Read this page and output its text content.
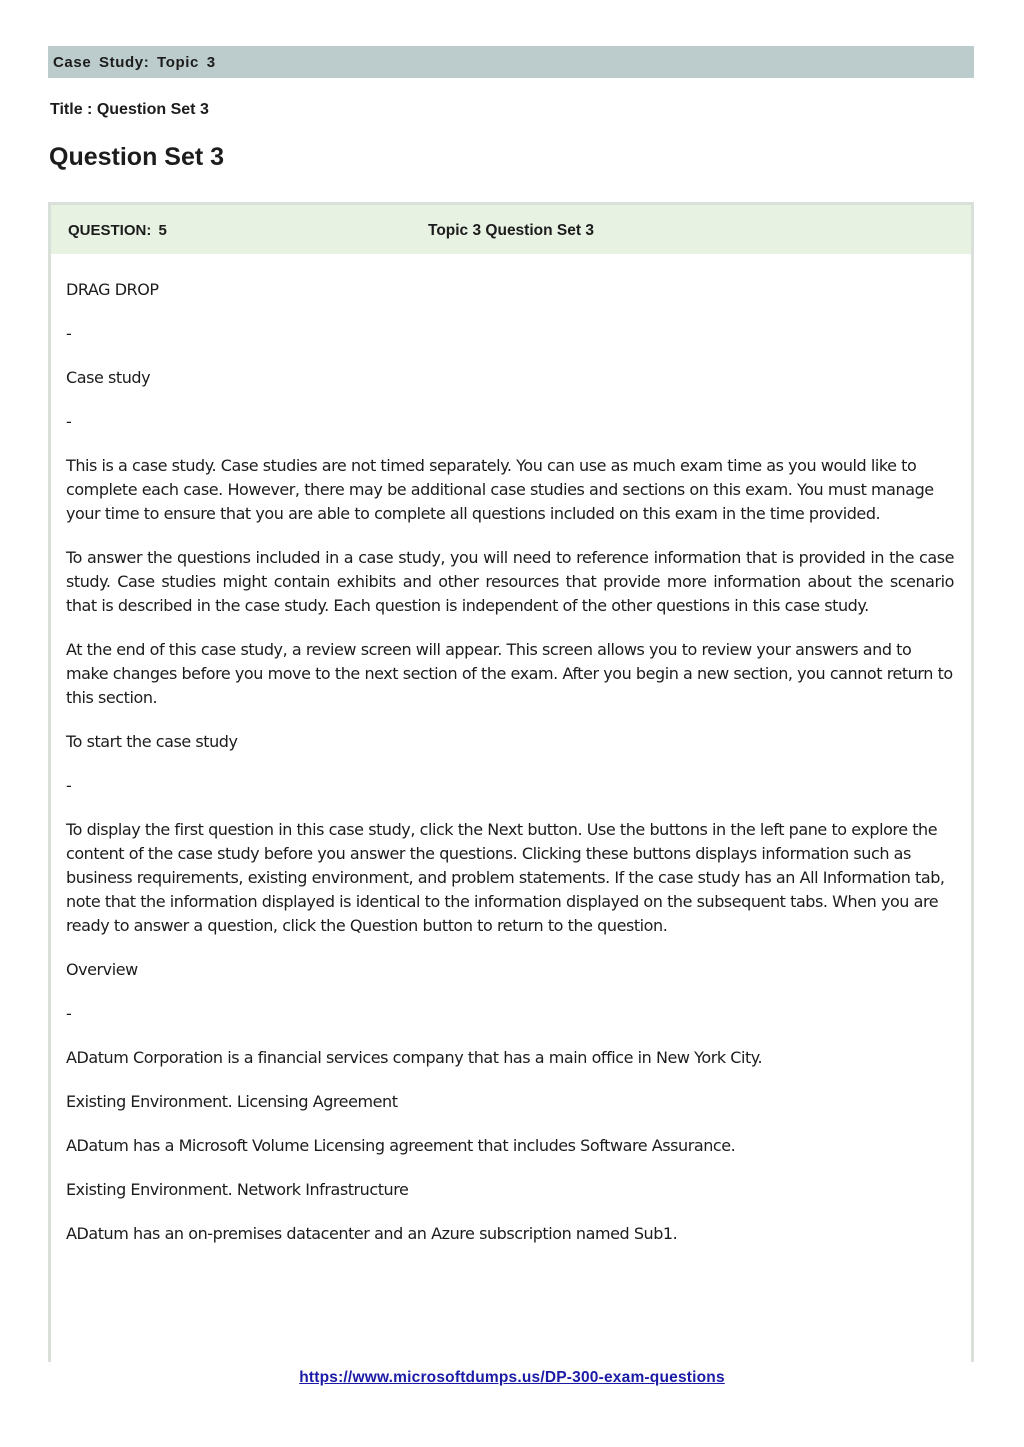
Case Study: Topic 3
Title : Question Set 3
Question Set 3
QUESTION: 5	Topic 3 Question Set 3

DRAG DROP

-

Case study

-

This is a case study. Case studies are not timed separately. You can use as much exam time as you would like to complete each case. However, there may be additional case studies and sections on this exam. You must manage your time to ensure that you are able to complete all questions included on this exam in the time provided.

To answer the questions included in a case study, you will need to reference information that is provided in the case study. Case studies might contain exhibits and other resources that provide more information about the scenario that is described in the case study. Each question is independent of the other questions in this case study.

At the end of this case study, a review screen will appear. This screen allows you to review your answers and to make changes before you move to the next section of the exam. After you begin a new section, you cannot return to this section.

To start the case study

-

To display the first question in this case study, click the Next button. Use the buttons in the left pane to explore the content of the case study before you answer the questions. Clicking these buttons displays information such as business requirements, existing environment, and problem statements. If the case study has an All Information tab, note that the information displayed is identical to the information displayed on the subsequent tabs. When you are ready to answer a question, click the Question button to return to the question.

Overview

-

ADatum Corporation is a financial services company that has a main office in New York City.

Existing Environment. Licensing Agreement

ADatum has a Microsoft Volume Licensing agreement that includes Software Assurance.

Existing Environment. Network Infrastructure

ADatum has an on-premises datacenter and an Azure subscription named Sub1.

https://www.microsoftdumps.us/DP-300-exam-questions
